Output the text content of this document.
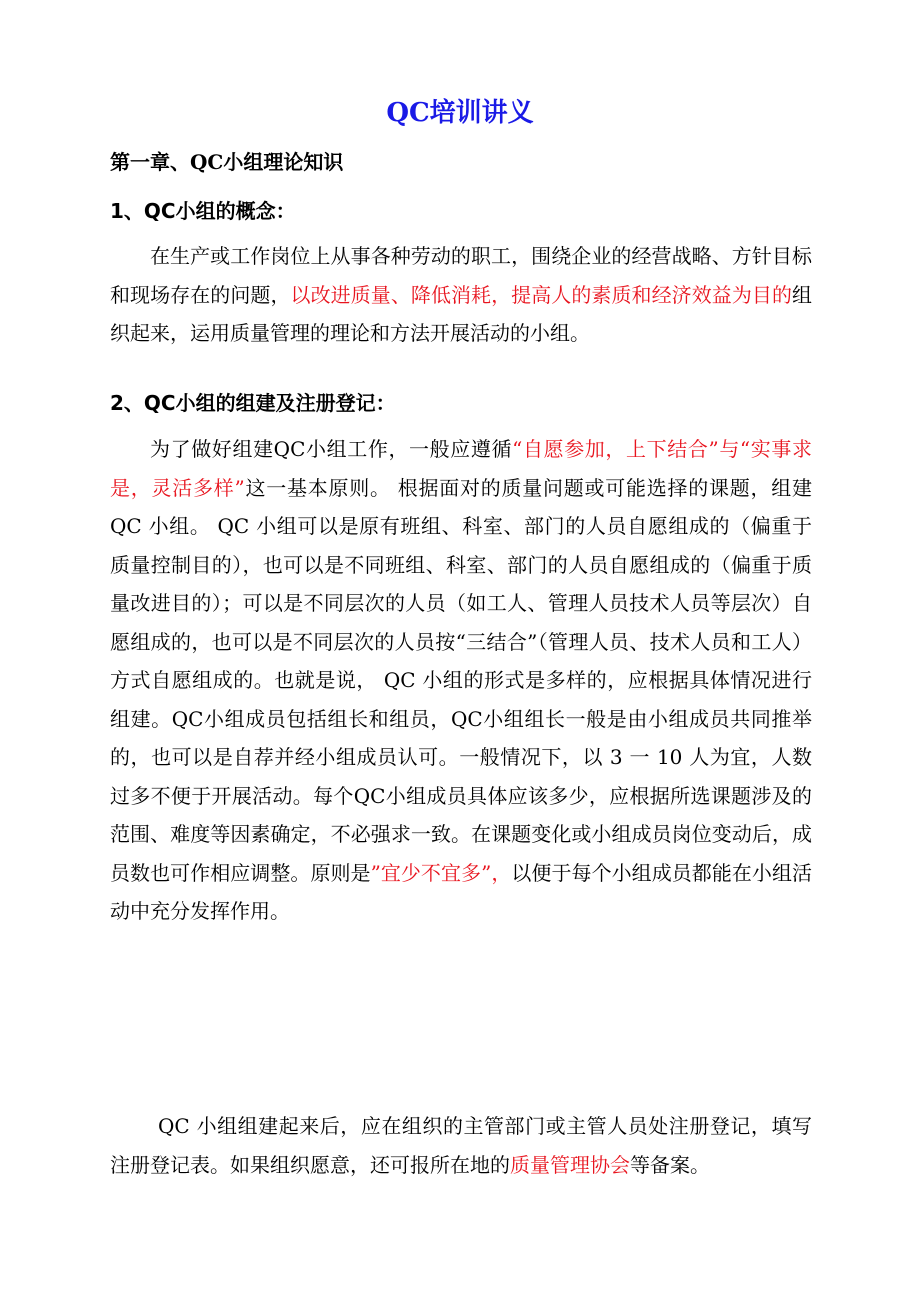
QC培训讲义
第一章、QC小组理论知识
1、QC小组的概念：
在生产或工作岗位上从事各种劳动的职工，围绕企业的经营战略、方针目标和现场存在的问题，以改进质量、降低消耗，提高人的素质和经济效益为目的组织起来，运用质量管理的理论和方法开展活动的小组。
2、QC小组的组建及注册登记：
为了做好组建QC小组工作，一般应遵循“自愿参加，上下结合”与“实事求是，灵活多样”这一基本原则。 根据面对的质量问题或可能选择的课题，组建 QC 小组。 QC 小组可以是原有班组、科室、部门的人员自愿组成的（偏重于质量控制目的），也可以是不同班组、科室、部门的人员自愿组成的（偏重于质量改进目的）；可以是不同层次的人员（如工人、管理人员技术人员等层次）自愿组成的，也可以是不同层次的人员按“三结合”（管理人员、技术人员和工人）方式自愿组成的。也就是说， QC 小组的形式是多样的，应根据具体情况进行组建。QC小组成员包括组长和组员，QC小组组长一般是由小组成员共同推举的，也可以是自荐并经小组成员认可。一般情况下，以 3 一 10 人为宜，人数过多不便于开展活动。每个QC小组成员具体应该多少，应根据所选课题涉及的范围、难度等因素确定，不必强求一致。在课题变化或小组成员岗位变动后，成员数也可作相应调整。原则是”宜少不宜多”，以便于每个小组成员都能在小组活动中充分发挥作用。
QC 小组组建起来后，应在组织的主管部门或主管人员处注册登记，填写注册登记表。如果组织愿意，还可报所在地的质量管理协会等备案。
